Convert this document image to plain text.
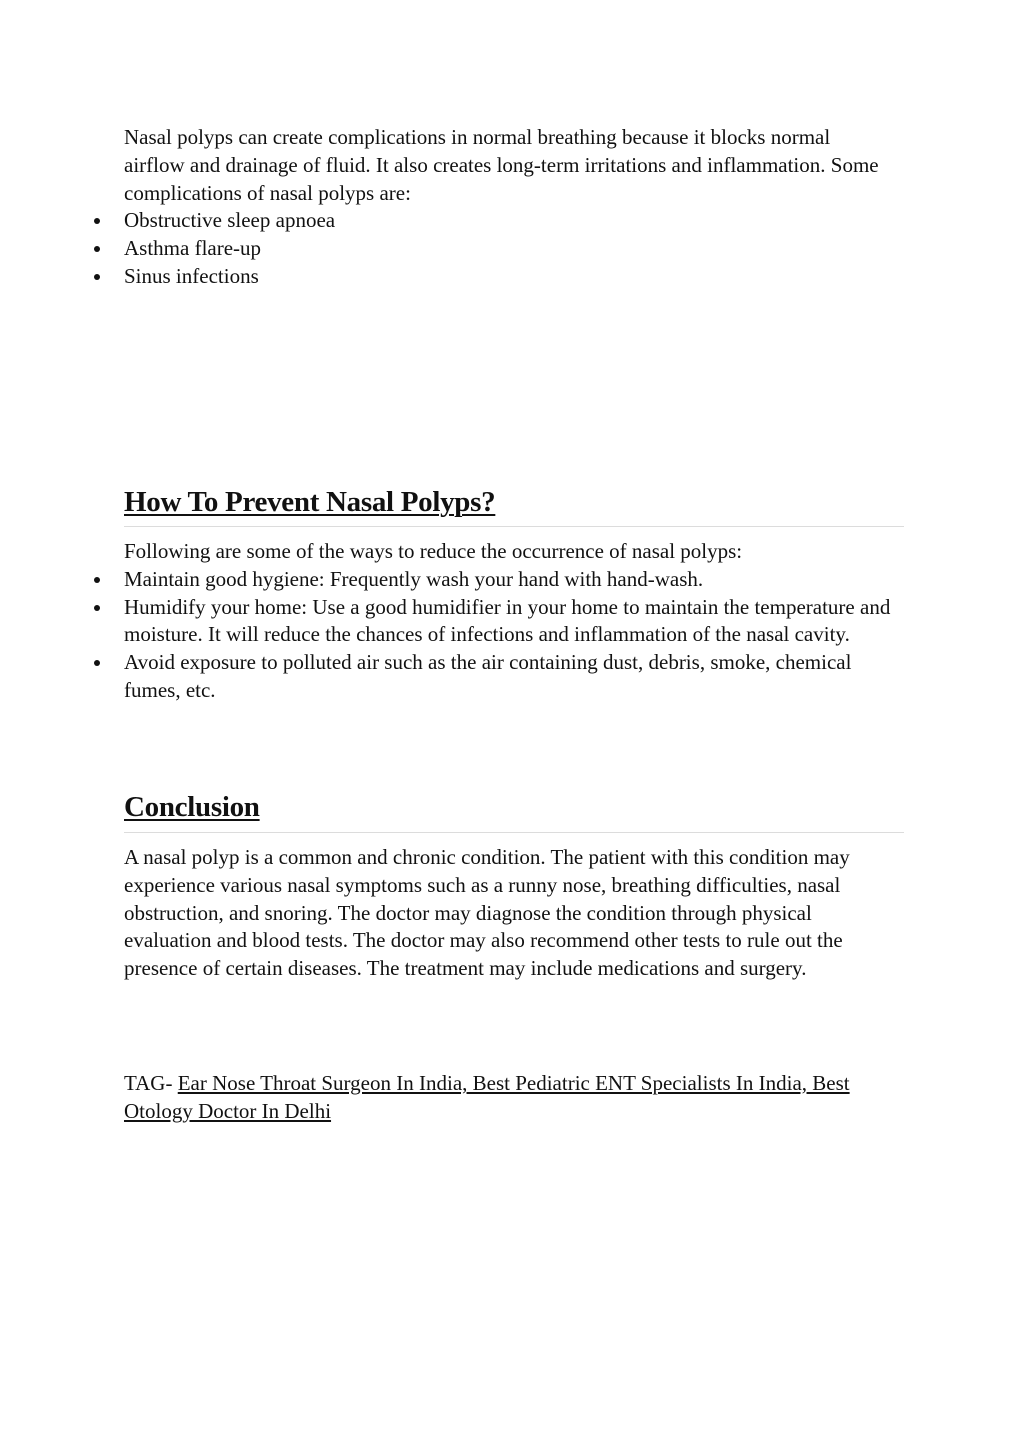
Nasal polyps can create complications in normal breathing because it blocks normal airflow and drainage of fluid. It also creates long-term irritations and inflammation. Some complications of nasal polyps are:

Obstructive sleep apnoea
Asthma flare-up
Sinus infections
How To Prevent Nasal Polyps?

Following are some of the ways to reduce the occurrence of nasal polyps:

Maintain good hygiene: Frequently wash your hand with hand-wash.
Humidify your home: Use a good humidifier in your home to maintain the temperature and moisture. It will reduce the chances of infections and inflammation of the nasal cavity.
Avoid exposure to polluted air such as the air containing dust, debris, smoke, chemical fumes, etc.
Conclusion

A nasal polyp is a common and chronic condition. The patient with this condition may experience various nasal symptoms such as a runny nose, breathing difficulties, nasal obstruction, and snoring. The doctor may diagnose the condition through physical evaluation and blood tests. The doctor may also recommend other tests to rule out the presence of certain diseases. The treatment may include medications and surgery.

TAG- Ear Nose Throat Surgeon In India, Best Pediatric ENT Specialists In India, Best Otology Doctor In Delhi
